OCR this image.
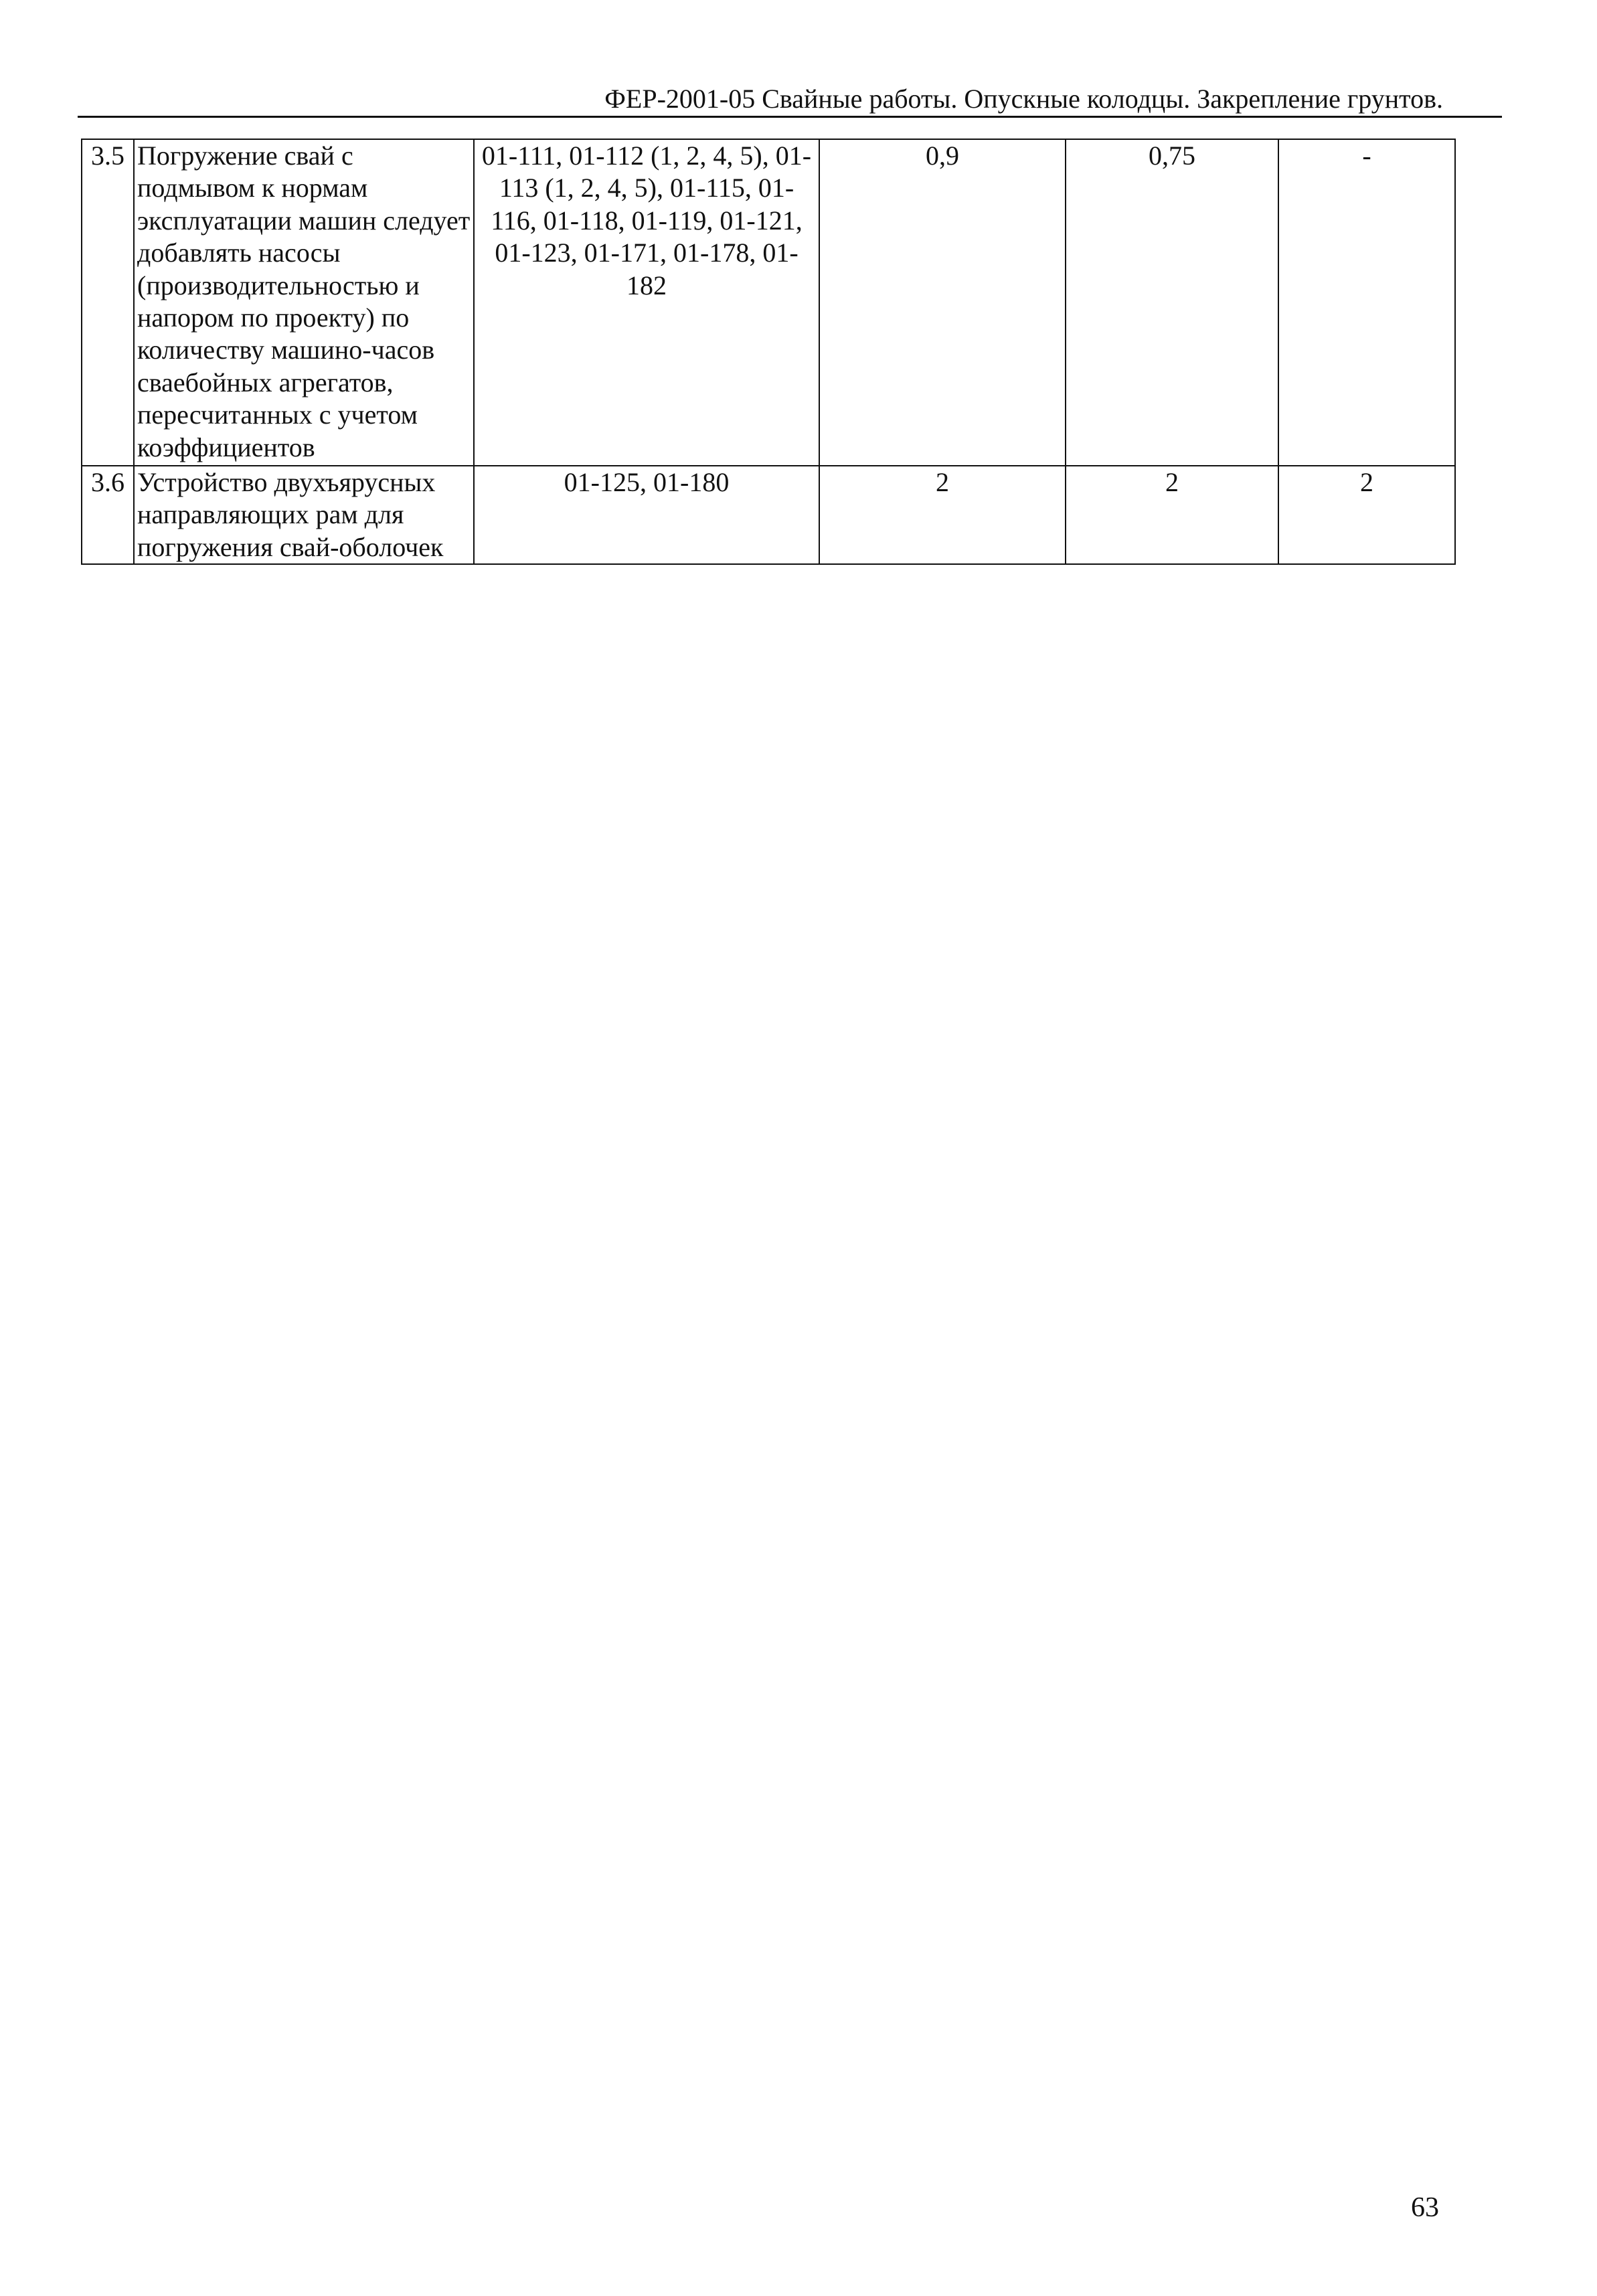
ФЕР-2001-05 Свайные работы. Опускные колодцы. Закрепление грунтов.
3.5	Погружение свай с подмывом к нормам эксплуатации машин следует добавлять насосы (производительностью и напором по проекту) по количеству машино-часов сваебойных агрегатов, пересчитанных с учетом коэффициентов	01-111, 01-112 (1, 2, 4, 5), 01-113 (1, 2, 4, 5), 01-115, 01-116, 01-118, 01-119, 01-121, 01-123, 01-171, 01-178, 01-182	0,9	0,75	-
3.6	Устройство двухъярусных направляющих рам для погружения свай-оболочек	01-125, 01-180	2	2	2
63
